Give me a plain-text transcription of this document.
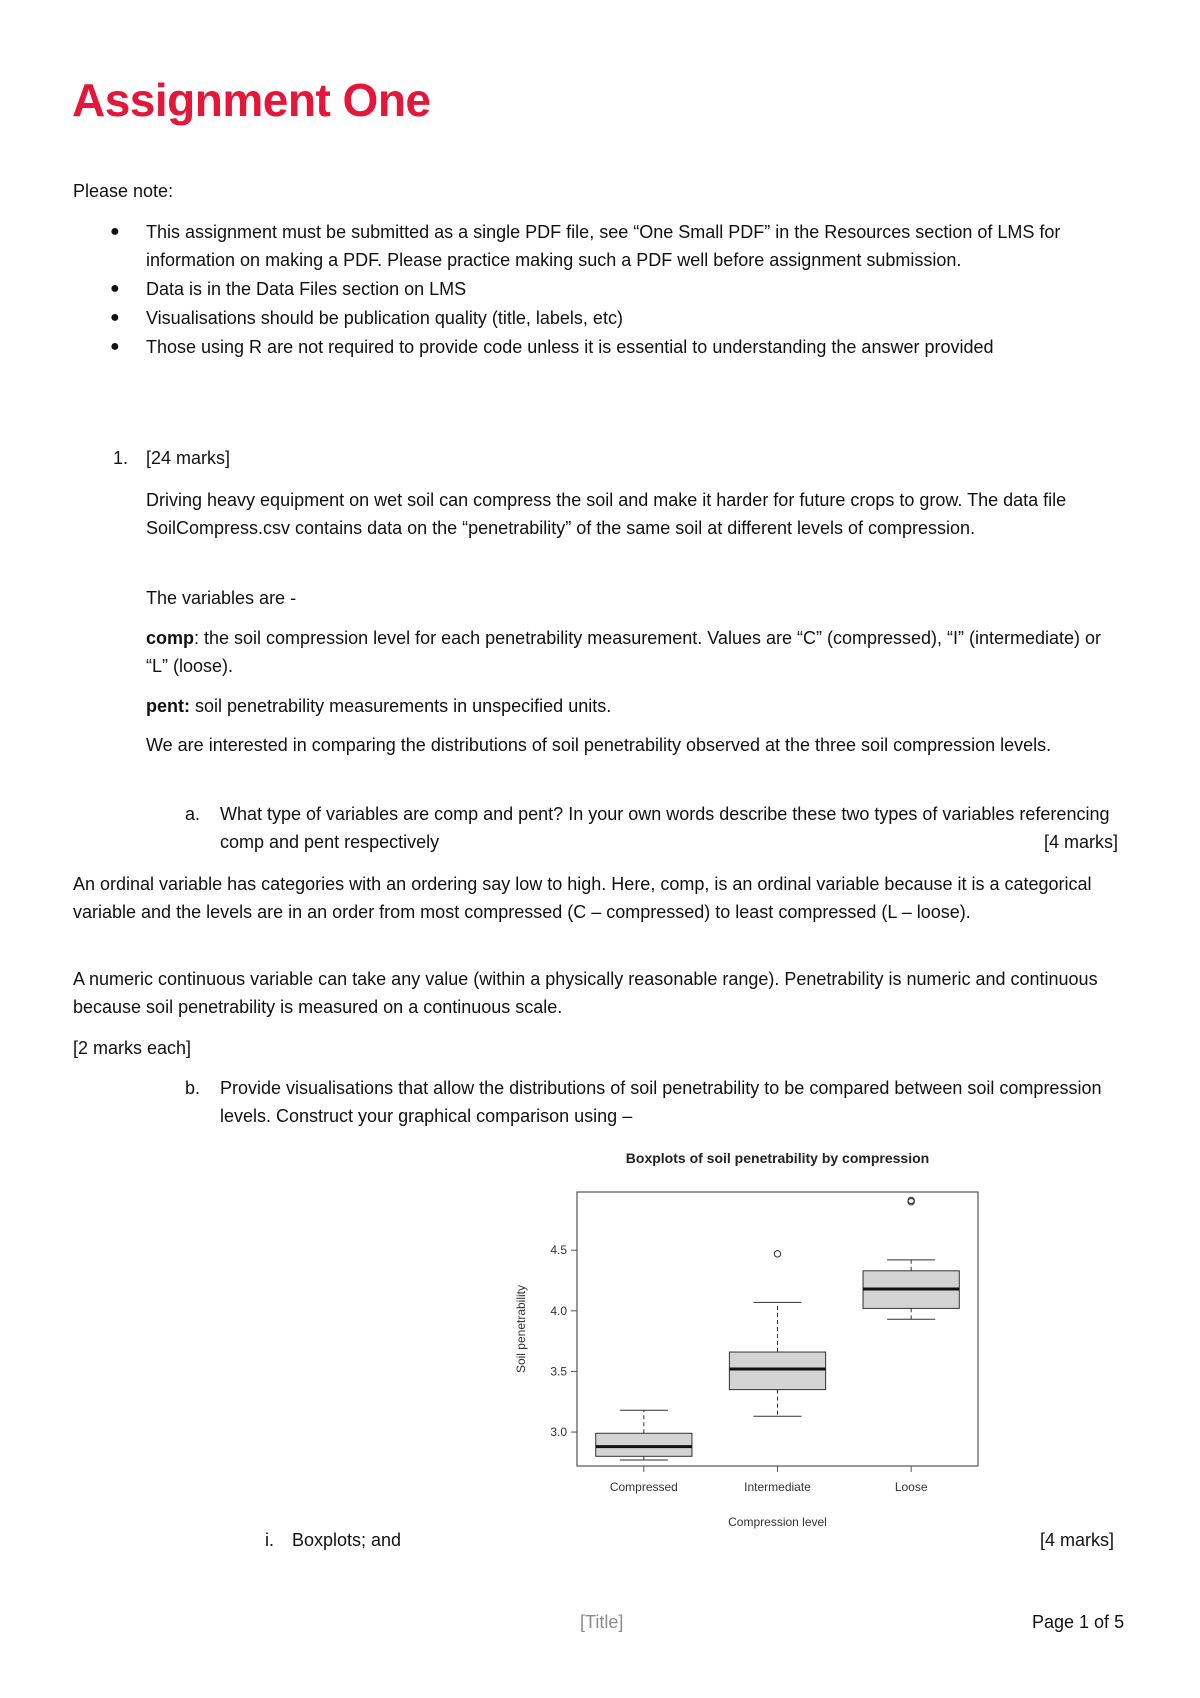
Assignment One

Please note:

● This assignment must be submitted as a single PDF file, see “One Small PDF” in the Resources section of LMS for information on making a PDF. Please practice making such a PDF well before assignment submission.
● Data is in the Data Files section on LMS
● Visualisations should be publication quality (title, labels, etc)
● Those using R are not required to provide code unless it is essential to understanding the answer provided
1. [24 marks]

Driving heavy equipment on wet soil can compress the soil and make it harder for future crops to grow. The data file SoilCompress.csv contains data on the “penetrability” of the same soil at different levels of compression.

The variables are -

comp: the soil compression level for each penetrability measurement. Values are “C” (compressed), “I” (intermediate) or “L” (loose).

pent: soil penetrability measurements in unspecified units.

We are interested in comparing the distributions of soil penetrability observed at the three soil compression levels.

a. What type of variables are comp and pent? In your own words describe these two types of variables referencing comp and pent respectively	[4 marks]

An ordinal variable has categories with an ordering say low to high. Here, comp, is an ordinal variable because it is a categorical variable and the levels are in an order from most compressed (C – compressed) to least compressed (L – loose).

A numeric continuous variable can take any value (within a physically reasonable range). Penetrability is numeric and continuous because soil penetrability is measured on a continuous scale.

[2 marks each]

b. Provide visualisations that allow the distributions of soil penetrability to be compared between soil compression levels. Construct your graphical comparison using –

Boxplots of soil penetrability by compression
3.0
3.5
4.0
4.5
Soil penetrability
Compressed	Intermediate	Loose
Compression level
i. Boxplots; and	[4 marks]

[Title]	Page 1 of 5
